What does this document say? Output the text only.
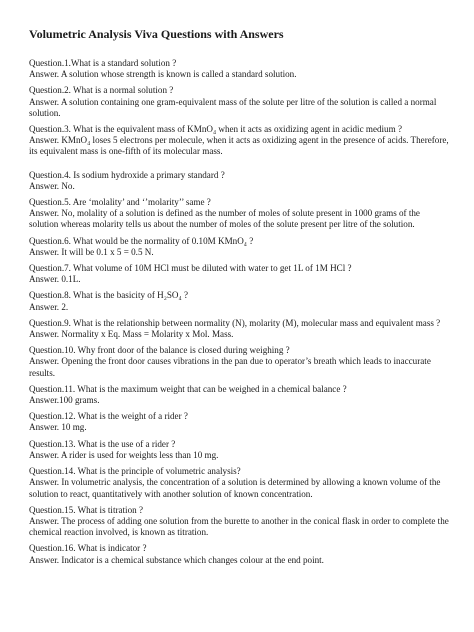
Volumetric Analysis Viva Questions with Answers
Question.1.What is a standard solution ?
Answer. A solution whose strength is known is called a standard solution.
Question.2. What is a normal solution ?
Answer. A solution containing one gram-equivalent mass of the solute per litre of the solution is called a normal solution.
Question.3. What is the equivalent mass of KMnO₄ when it acts as oxidizing agent in acidic medium ?
Answer. KMnO₄ loses 5 electrons per molecule, when it acts as oxidizing agent in the presence of acids. Therefore, its equivalent mass is one-fifth of its molecular mass.
Question.4. Is sodium hydroxide a primary standard ?
Answer. No.
Question.5. Are ‘molality’ and ‘’molarity’’ same ?
Answer. No, molality of a solution is defined as the number of moles of solute present in 1000 grams of the solution whereas molarity tells us about the number of moles of the solute present per litre of the solution.
Question.6. What would be the normality of 0.10M KMnO₄ ?
Answer. It will be 0.1 x 5 = 0.5 N.
Question.7. What volume of 10M HCl must be diluted with water to get 1L of 1M HCl ?
Answer. 0.1L.
Question.8. What is the basicity of H₂SO₄ ?
Answer. 2.
Question.9. What is the relationship between normality (N), molarity (M), molecular mass and equivalent mass ?
Answer. Normality x Eq. Mass = Molarity x Mol. Mass.
Question.10. Why front door of the balance is closed during weighing ?
Answer. Opening the front door causes vibrations in the pan due to operator’s breath which leads to inaccurate results.
Question.11. What is the maximum weight that can be weighed in a chemical balance ?
Answer.100 grams.
Question.12. What is the weight of a rider ?
Answer. 10 mg.
Question.13. What is the use of a rider ?
Answer. A rider is used for weights less than 10 mg.
Question.14. What is the principle of volumetric analysis?
Answer. In volumetric analysis, the concentration of a solution is determined by allowing a known volume of the solution to react, quantitatively with another solution of known concentration.
Question.15. What is titration ?
Answer. The process of adding one solution from the burette to another in the conical flask in order to complete the chemical reaction involved, is known as titration.
Question.16. What is indicator ?
Answer. Indicator is a chemical substance which changes colour at the end point.
